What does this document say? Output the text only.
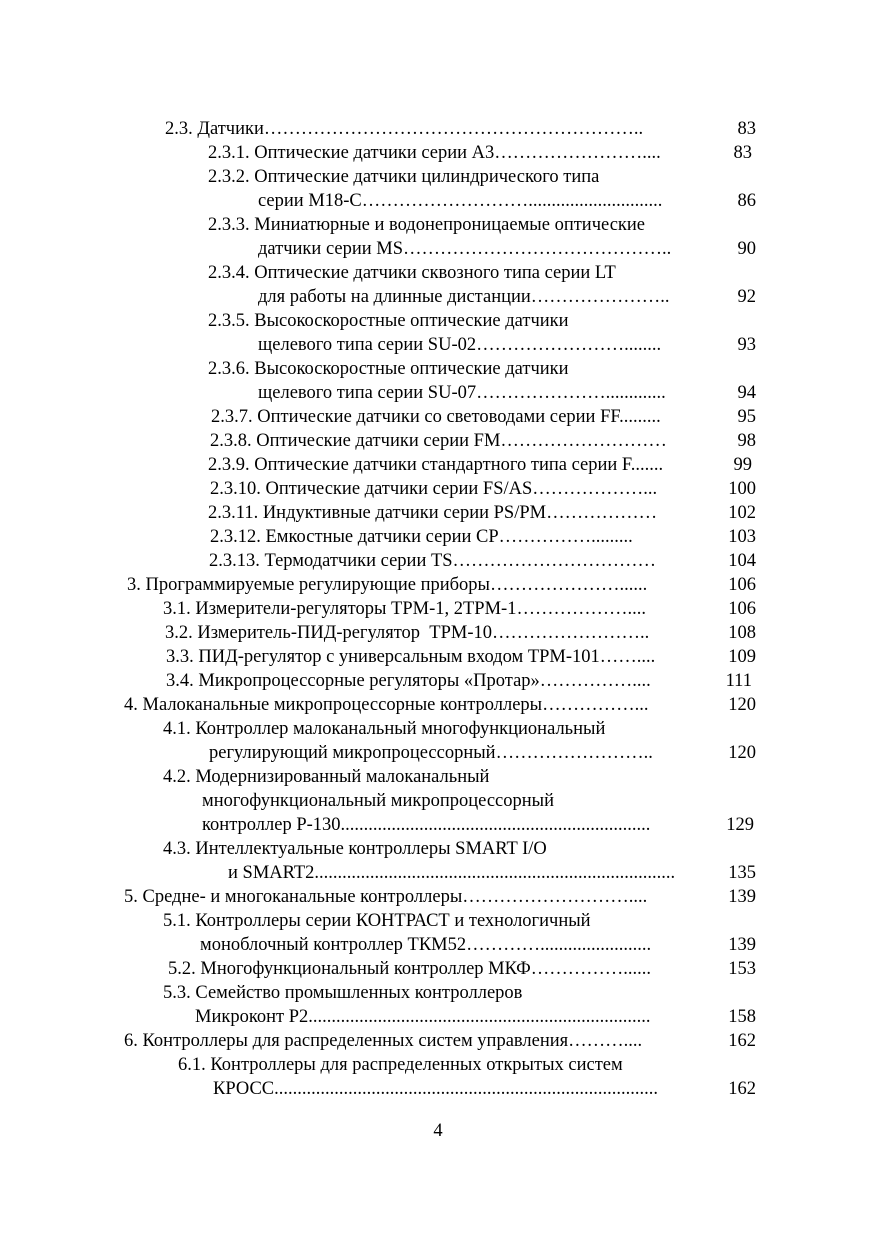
2.3. Датчики……………………………………………………..	83
2.3.1. Оптические датчики серии А3……………………....	83
2.3.2. Оптические датчики цилиндрического типа
серии М18-С……………………….............................	86
2.3.3. Миниатюрные и водонепроницаемые оптические
датчики серии MS……………………………………..	90
2.3.4. Оптические датчики сквозного типа серии LT
для работы на длинные дистанции…………………..	92
2.3.5. Высокоскоростные оптические датчики
щелевого типа серии SU-02……………………........	93
2.3.6. Высокоскоростные оптические датчики
щелевого типа серии SU-07………………….............	94
2.3.7. Оптические датчики со световодами серии FF.........	95
2.3.8. Оптические датчики серии FM………………………	98
2.3.9. Оптические датчики стандартного типа серии F.......	99
2.3.10. Оптические датчики серии FS/AS………………...	100
2.3.11. Индуктивные датчики серии PS/PM………………	102
2.3.12. Емкостные датчики серии CP…………….........	103
2.3.13. Термодатчики серии TS……………………………	104
3. Программируемые регулирующие приборы…………………......	106
3.1. Измерители-регуляторы ТРМ-1, 2ТРМ-1………………....	106
3.2. Измеритель-ПИД-регулятор  ТРМ-10……………………..	108
3.3. ПИД-регулятор с универсальным входом ТРМ-101……....	109
3.4. Микропроцессорные регуляторы «Протар»……………....	111
4. Малоканальные микропроцессорные контроллеры……………...	120
4.1. Контроллер малоканальный многофункциональный
регулирующий микропроцессорный……………………..	120
4.2. Модернизированный малоканальный
многофункциональный микропроцессорный
контроллер Р-130...................................................................	129
4.3. Интеллектуальные контроллеры SMART I/O
и SMART2..............................................................................	135
5. Средне- и многоканальные контроллеры………………………....	139
5.1. Контроллеры серии КОНТРАСТ и технологичный
моноблочный контроллер ТКМ52…………........................	139
5.2. Многофункциональный контроллер МКФ……………......	153
5.3. Семейство промышленных контроллеров
Микроконт Р2..........................................................................	158
6. Контроллеры для распределенных систем управления………....	162
6.1. Контроллеры для распределенных открытых систем
КРОСС...................................................................................	162
4
